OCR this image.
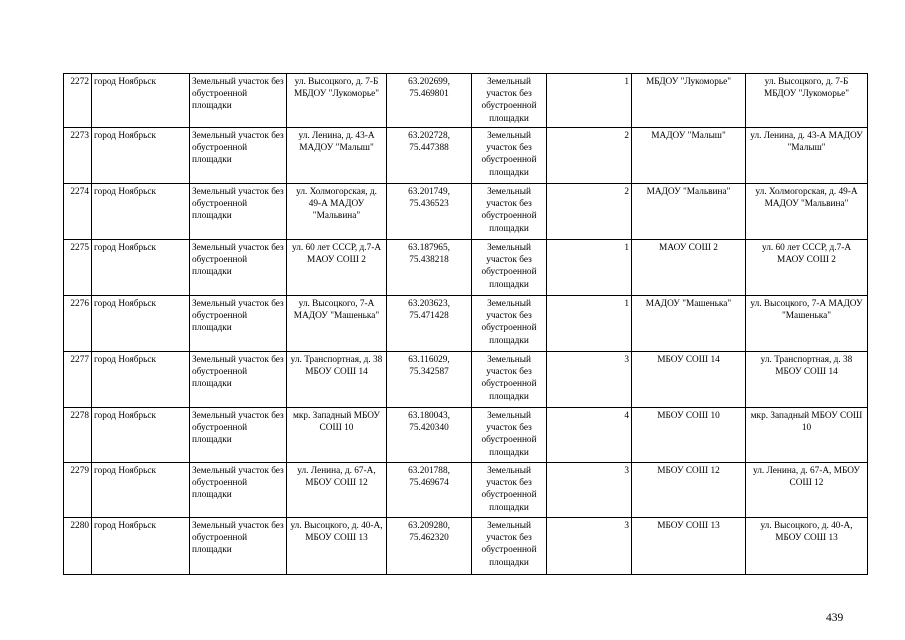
2272	город Ноябрьск	Земельный участок без обустроенной площадки	ул. Высоцкого, д. 7-Б МБДОУ "Лукоморье"	63.202699, 75.469801	Земельный участок без обустроенной площадки	1	МБДОУ "Лукоморье"	ул. Высоцкого, д. 7-Б МБДОУ "Лукоморье"
2273	город Ноябрьск	Земельный участок без обустроенной площадки	ул. Ленина, д. 43-А МАДОУ "Малыш"	63.202728, 75.447388	Земельный участок без обустроенной площадки	2	МАДОУ "Малыш"	ул. Ленина, д. 43-А МАДОУ "Малыш"
2274	город Ноябрьск	Земельный участок без обустроенной площадки	ул. Холмогорская, д. 49-А МАДОУ "Мальвина"	63.201749, 75.436523	Земельный участок без обустроенной площадки	2	МАДОУ "Мальвина"	ул. Холмогорская, д. 49-А МАДОУ "Мальвина"
2275	город Ноябрьск	Земельный участок без обустроенной площадки	ул. 60 лет СССР, д.7-А МАОУ СОШ 2	63.187965, 75.438218	Земельный участок без обустроенной площадки	1	МАОУ СОШ 2	ул. 60 лет СССР, д.7-А МАОУ СОШ 2
2276	город Ноябрьск	Земельный участок без обустроенной площадки	ул. Высоцкого, 7-А МАДОУ "Машенька"	63.203623, 75.471428	Земельный участок без обустроенной площадки	1	МАДОУ "Машенька"	ул. Высоцкого, 7-А МАДОУ "Машенька"
2277	город Ноябрьск	Земельный участок без обустроенной площадки	ул. Транспортная, д. 38 МБОУ СОШ 14	63.116029, 75.342587	Земельный участок без обустроенной площадки	3	МБОУ СОШ 14	ул. Транспортная, д. 38 МБОУ СОШ 14
2278	город Ноябрьск	Земельный участок без обустроенной площадки	мкр. Западный МБОУ СОШ 10	63.180043, 75.420340	Земельный участок без обустроенной площадки	4	МБОУ СОШ 10	мкр. Западный МБОУ СОШ 10
2279	город Ноябрьск	Земельный участок без обустроенной площадки	ул. Ленина, д. 67-А, МБОУ СОШ 12	63.201788, 75.469674	Земельный участок без обустроенной площадки	3	МБОУ СОШ 12	ул. Ленина, д. 67-А, МБОУ СОШ 12
2280	город Ноябрьск	Земельный участок без обустроенной площадки	ул. Высоцкого, д. 40-А, МБОУ СОШ 13	63.209280, 75.462320	Земельный участок без обустроенной площадки	3	МБОУ СОШ 13	ул. Высоцкого, д. 40-А, МБОУ СОШ 13
439
